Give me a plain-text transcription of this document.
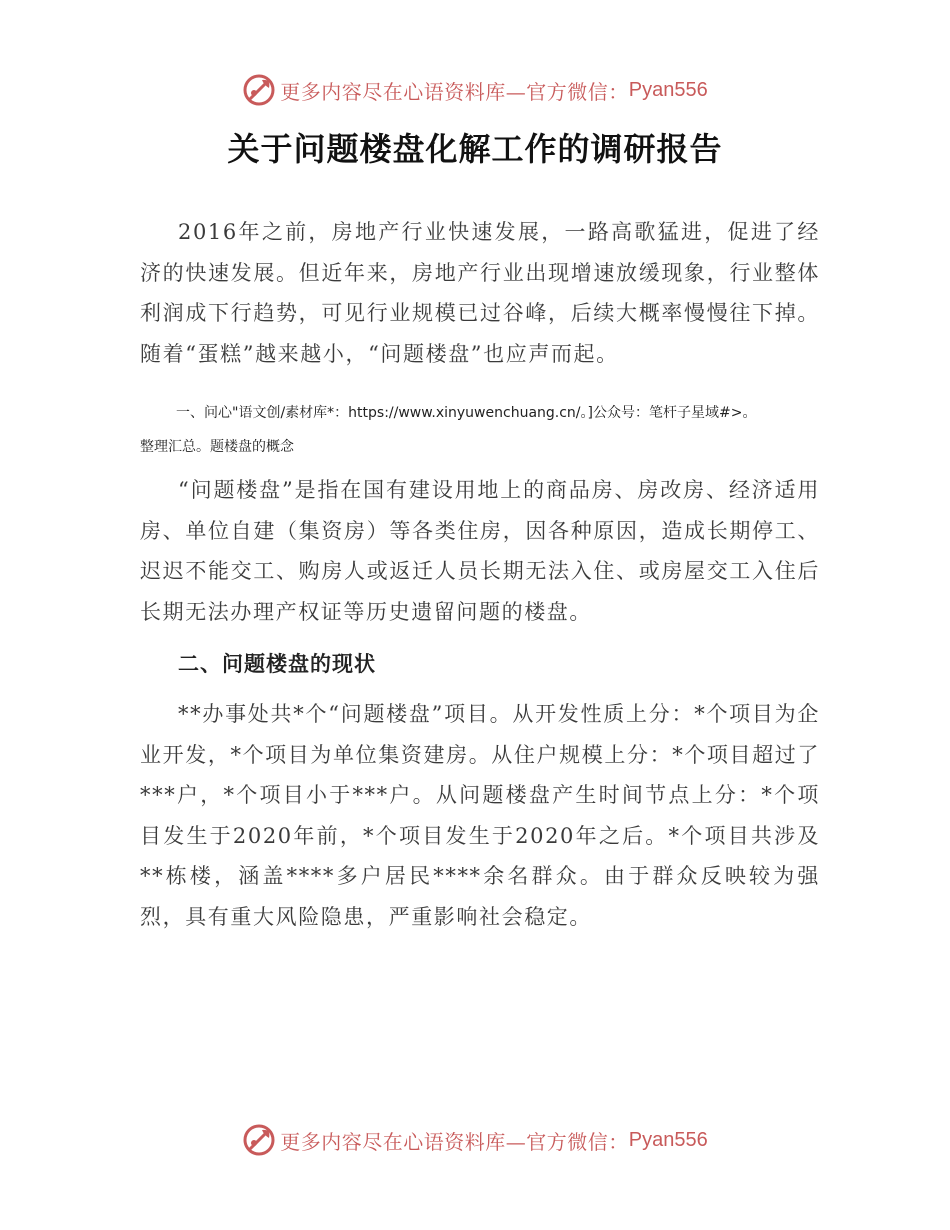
更多内容尽在心语资料库—官方微信： Pyan556
关于问题楼盘化解工作的调研报告

2016年之前，房地产行业快速发展，一路高歌猛进，促进了经济的快速发展。但近年来，房地产行业出现增速放缓现象，行业整体利润成下行趋势，可见行业规模已过谷峰，后续大概率慢慢往下掉。随着“蛋糕”越来越小，“问题楼盘”也应声而起。

一、问心"语文创/素材库*：https://www.xinyuwenchuang.cn/。]公众号：笔杆子星域#>。
整理汇总。题楼盘的概念

“问题楼盘”是指在国有建设用地上的商品房、房改房、经济适用房、单位自建（集资房）等各类住房，因各种原因，造成长期停工、迟迟不能交工、购房人或返迁人员长期无法入住、或房屋交工入住后长期无法办理产权证等历史遗留问题的楼盘。

二、问题楼盘的现状

**办事处共*个“问题楼盘”项目。从开发性质上分：*个项目为企业开发，*个项目为单位集资建房。从住户规模上分：*个项目超过了***户，*个项目小于***户。从问题楼盘产生时间节点上分：*个项目发生于2020年前，*个项目发生于2020年之后。*个项目共涉及**栋楼，涵盖****多户居民****余名群众。由于群众反映较为强烈，具有重大风险隐患，严重影响社会稳定。

更多内容尽在心语资料库—官方微信： Pyan556
